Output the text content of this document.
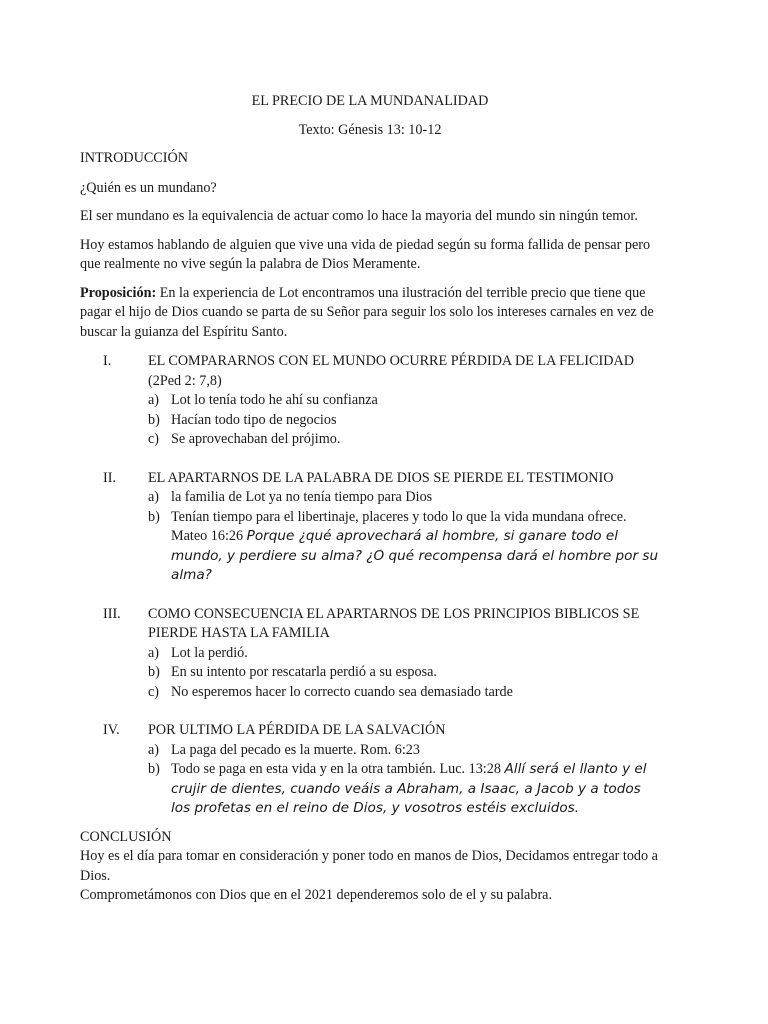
EL PRECIO DE LA MUNDANALIDAD

Texto: Génesis 13: 10-12

INTRODUCCIÓN

¿Quién es un mundano?

El ser mundano es la equivalencia de actuar como lo hace la mayoria del mundo sin ningún temor.

Hoy estamos hablando de alguien que vive una vida de piedad según su forma fallida de pensar pero que realmente no vive según la palabra de Dios Meramente.

Proposición: En la experiencia de Lot encontramos una ilustración del terrible precio que tiene que pagar el hijo de Dios cuando se parta de su Señor para seguir los solo los intereses carnales en vez de buscar la guianza del Espíritu Santo.

I.	EL COMPARARNOS CON EL MUNDO OCURRE PÉRDIDA DE LA FELICIDAD (2Ped 2: 7,8)
a) Lot lo tenía todo he ahí su confianza
b) Hacían todo tipo de negocios
c) Se aprovechaban del prójimo.
II.	EL APARTARNOS DE LA PALABRA DE DIOS SE PIERDE EL TESTIMONIO
a) la familia de Lot ya no tenía tiempo para Dios
b) Tenían tiempo para el libertinaje, placeres y todo lo que la vida mundana ofrece. Mateo 16:26 Porque ¿qué aprovechará al hombre, si ganare todo el mundo, y perdiere su alma? ¿O qué recompensa dará el hombre por su alma?
III.	COMO CONSECUENCIA EL APARTARNOS DE LOS PRINCIPIOS BIBLICOS SE PIERDE HASTA LA FAMILIA
a) Lot la perdió.
b) En su intento por rescatarla perdió a su esposa.
c) No esperemos hacer lo correcto cuando sea demasiado tarde
IV.	POR ULTIMO LA PÉRDIDA DE LA SALVACIÓN
a) La paga del pecado es la muerte. Rom. 6:23
b) Todo se paga en esta vida y en la otra también. Luc. 13:28 Allí será el llanto y el crujir de dientes, cuando veáis a Abraham, a Isaac, a Jacob y a todos los profetas en el reino de Dios, y vosotros estéis excluidos.

CONCLUSIÓN

Hoy es el día para tomar en consideración y poner todo en manos de Dios, Decidamos entregar todo a Dios.

Comprometámonos con Dios que en el 2021 dependeremos solo de el y su palabra.
